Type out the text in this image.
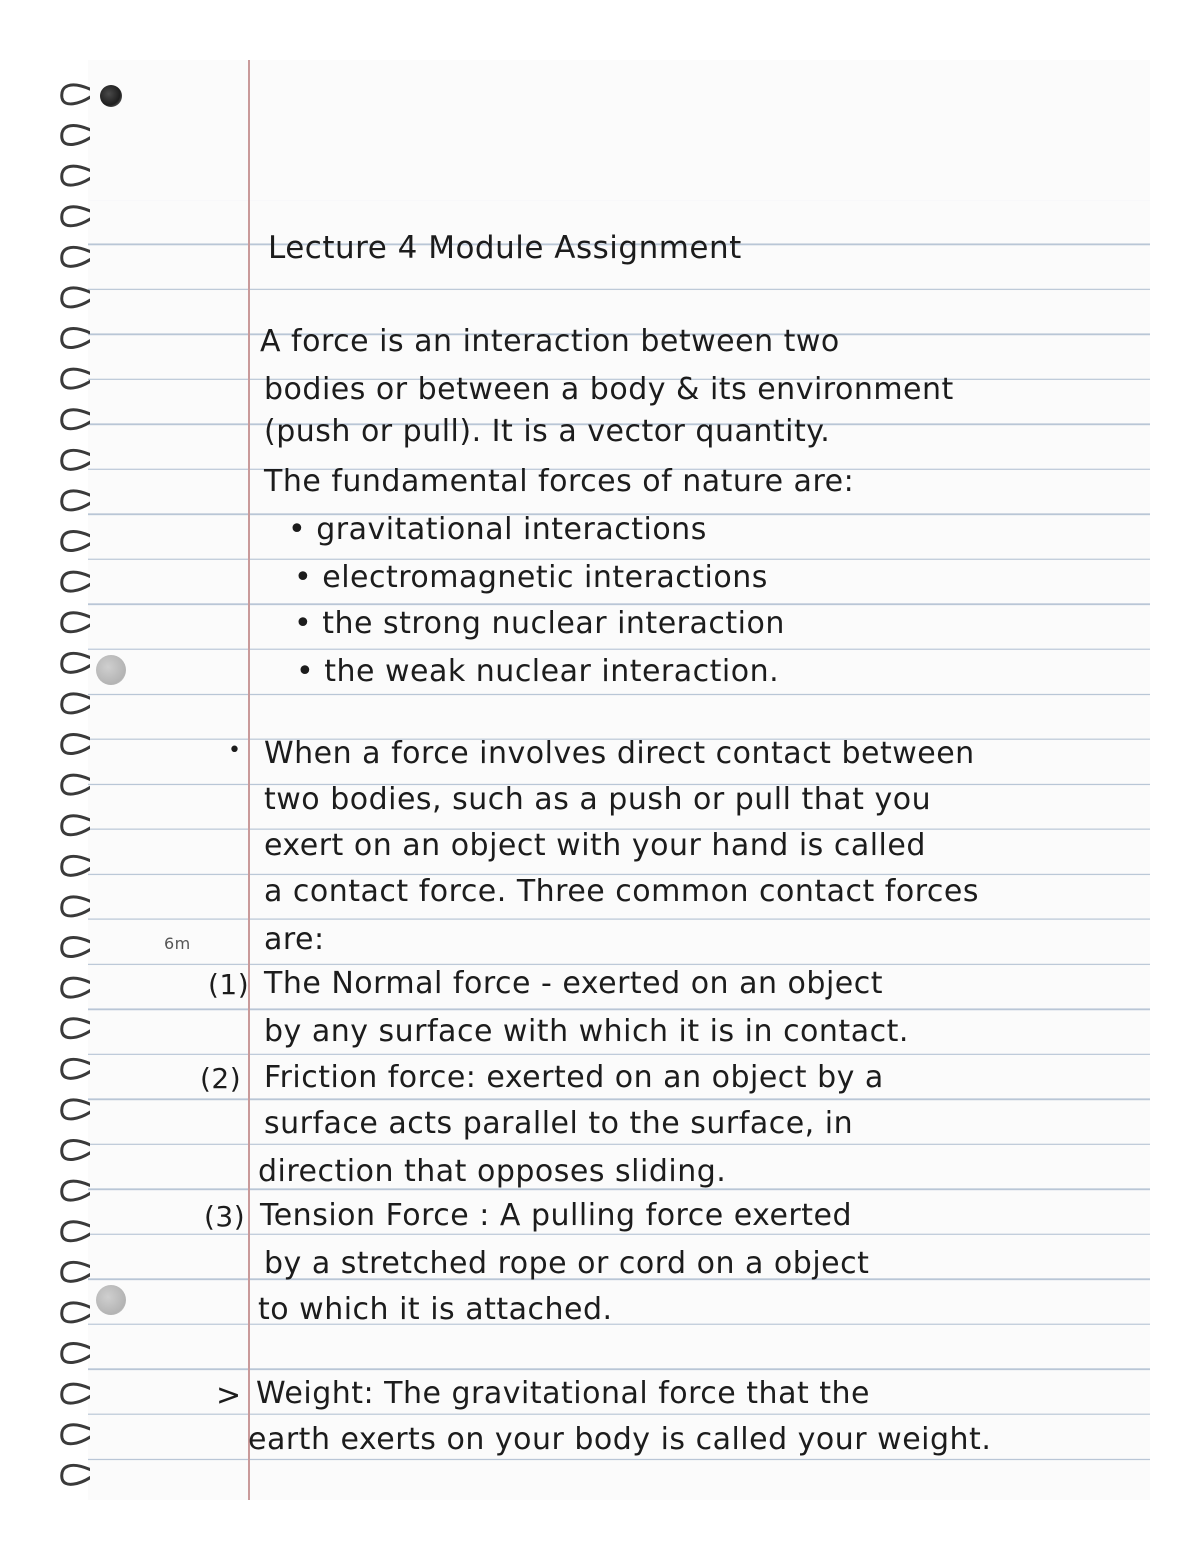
Lecture 4 Module Assignment
A force is an interaction between two
bodies or between a body & its environment
(push or pull). It is a vector quantity.
The fundamental forces of nature are:
• gravitational interactions
• electromagnetic interactions
• the strong nuclear interaction
• the weak nuclear interaction.
• When a force involves direct contact between
two bodies, such as a push or pull that you
exert on an object with your hand is called
a contact force. Three common contact forces
are:
6m
(1) The Normal force - exerted on an object
by any surface with which it is in contact.
(2) Friction force: exerted on an object by a
surface acts parallel to the surface, in
direction that opposes sliding.
(3) Tension Force : A pulling force exerted
by a stretched rope or cord on a object
to which it is attached.
> Weight: The gravitational force that the
earth exerts on your body is called your weight.
